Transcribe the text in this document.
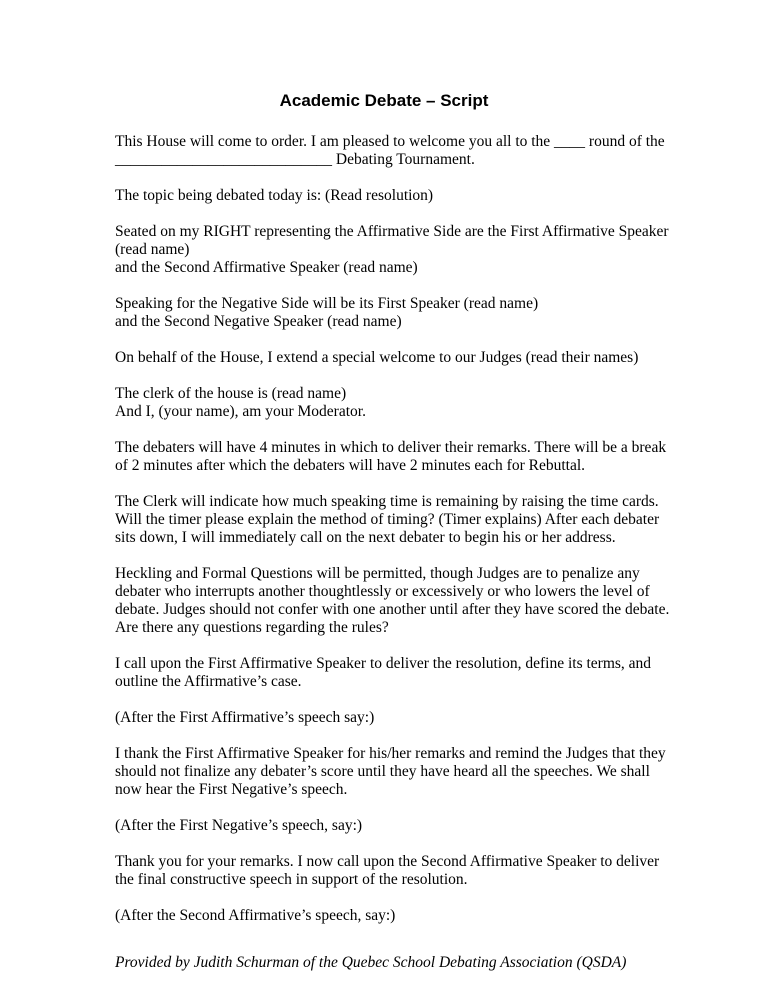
Academic Debate – Script
This House will come to order. I am pleased to welcome you all to the ____ round of the
____________________________ Debating Tournament.
The topic being debated today is: (Read resolution)
Seated on my RIGHT representing the Affirmative Side are the First Affirmative Speaker
(read name)
and the Second Affirmative Speaker (read name)
Speaking for the Negative Side will be its First Speaker (read name)
and the Second Negative Speaker (read name)
On behalf of the House, I extend a special welcome to our Judges (read their names)
The clerk of the house is (read name)
And I, (your name), am your Moderator.
The debaters will have 4 minutes in which to deliver their remarks. There will be a break
of 2 minutes after which the debaters will have 2 minutes each for Rebuttal.
The Clerk will indicate how much speaking time is remaining by raising the time cards.
Will the timer please explain the method of timing? (Timer explains) After each debater
sits down, I will immediately call on the next debater to begin his or her address.
Heckling and Formal Questions will be permitted, though Judges are to penalize any
debater who interrupts another thoughtlessly or excessively or who lowers the level of
debate. Judges should not confer with one another until after they have scored the debate.
Are there any questions regarding the rules?
I call upon the First Affirmative Speaker to deliver the resolution, define its terms, and
outline the Affirmative’s case.
(After the First Affirmative’s speech say:)
I thank the First Affirmative Speaker for his/her remarks and remind the Judges that they
should not finalize any debater’s score until they have heard all the speeches. We shall
now hear the First Negative’s speech.
(After the First Negative’s speech, say:)
Thank you for your remarks. I now call upon the Second Affirmative Speaker to deliver
the final constructive speech in support of the resolution.
(After the Second Affirmative’s speech, say:)
Provided by Judith Schurman of the Quebec School Debating Association (QSDA)
